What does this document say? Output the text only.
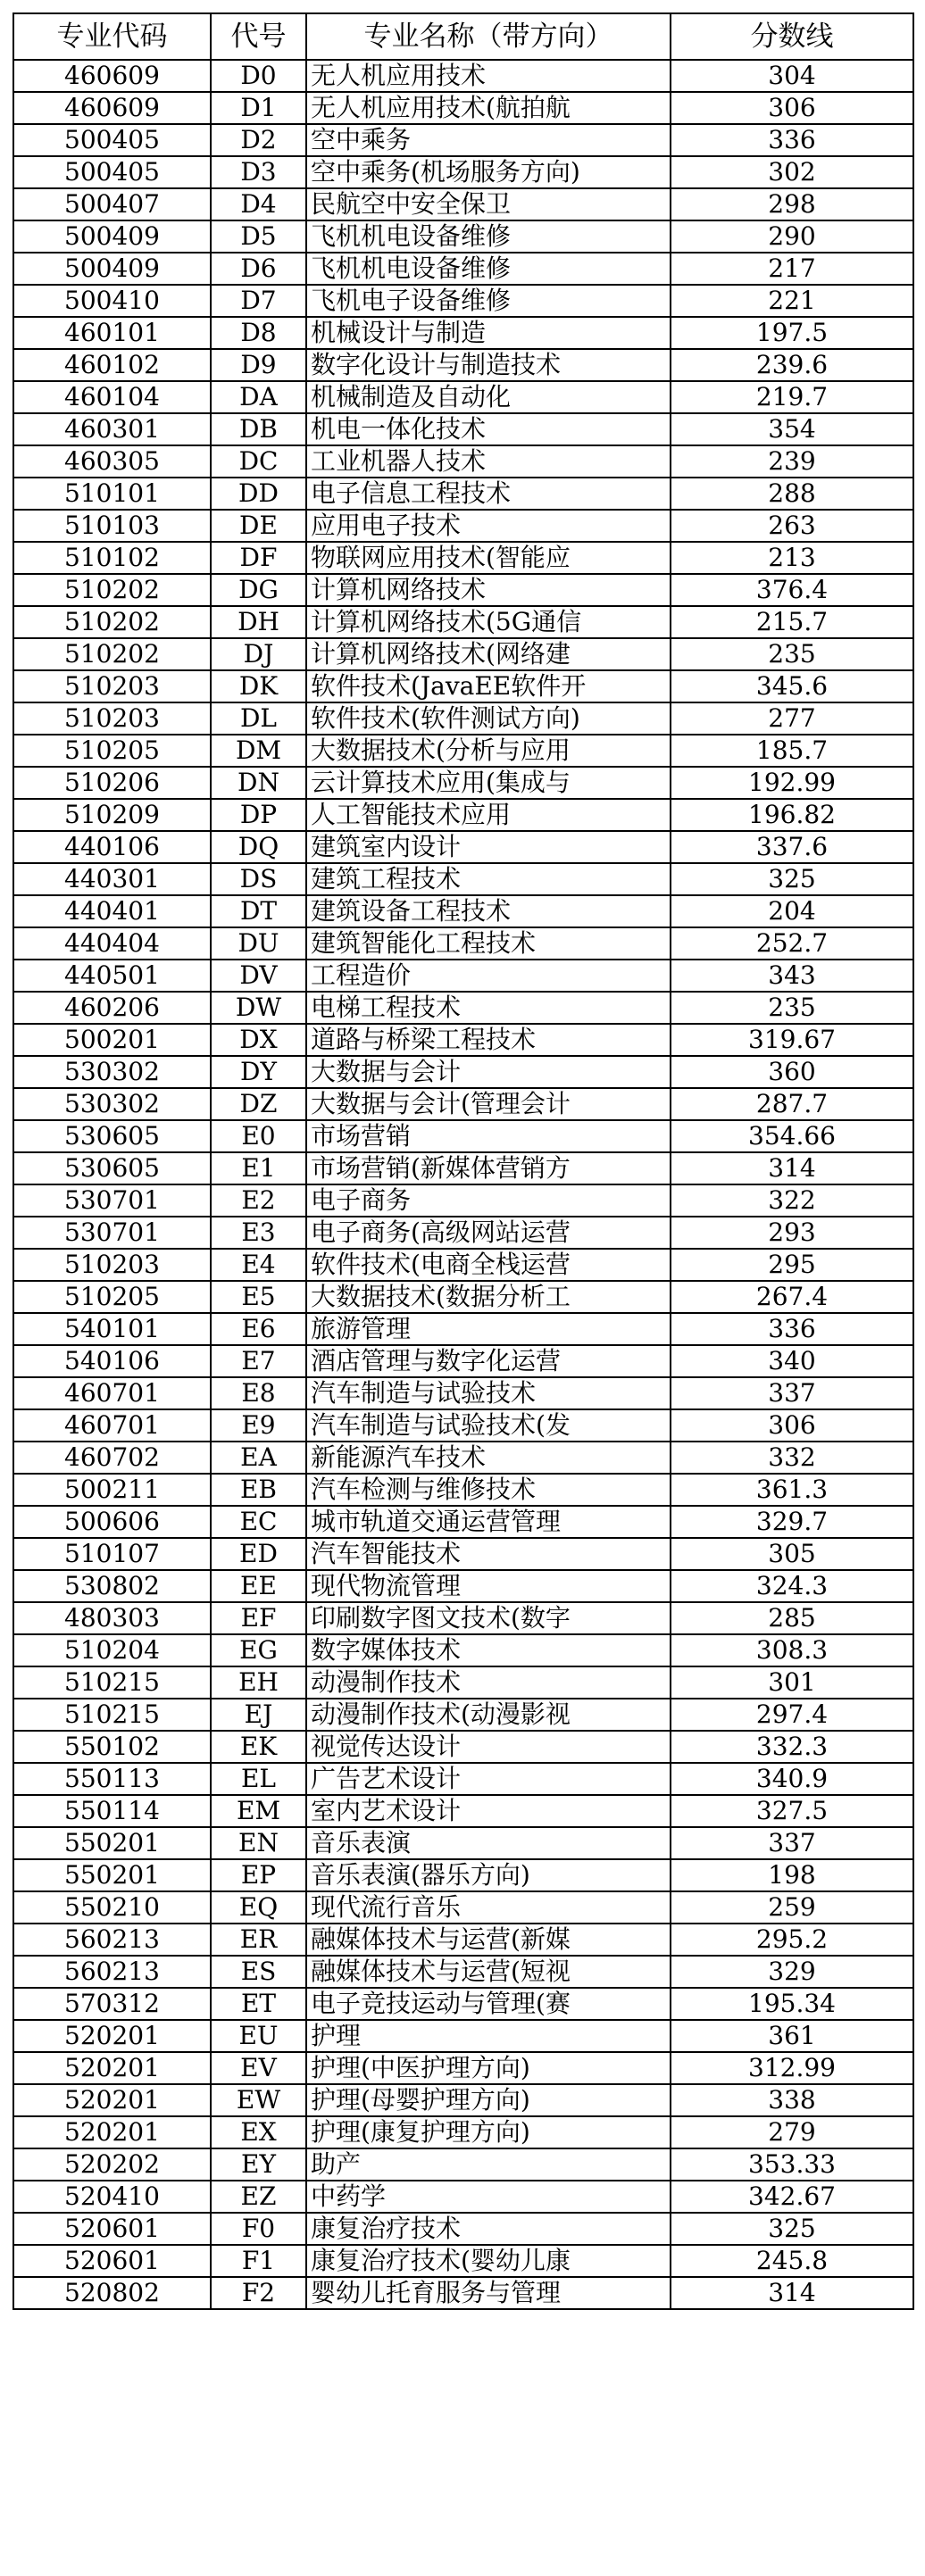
专业代码	代号	专业名称（带方向）	分数线
460609	D0	无人机应用技术	304
460609	D1	无人机应用技术(航拍航	306
500405	D2	空中乘务	336
500405	D3	空中乘务(机场服务方向)	302
500407	D4	民航空中安全保卫	298
500409	D5	飞机机电设备维修	290
500409	D6	飞机机电设备维修	217
500410	D7	飞机电子设备维修	221
460101	D8	机械设计与制造	197.5
460102	D9	数字化设计与制造技术	239.6
460104	DA	机械制造及自动化	219.7
460301	DB	机电一体化技术	354
460305	DC	工业机器人技术	239
510101	DD	电子信息工程技术	288
510103	DE	应用电子技术	263
510102	DF	物联网应用技术(智能应	213
510202	DG	计算机网络技术	376.4
510202	DH	计算机网络技术(5G通信	215.7
510202	DJ	计算机网络技术(网络建	235
510203	DK	软件技术(JavaEE软件开	345.6
510203	DL	软件技术(软件测试方向)	277
510205	DM	大数据技术(分析与应用	185.7
510206	DN	云计算技术应用(集成与	192.99
510209	DP	人工智能技术应用	196.82
440106	DQ	建筑室内设计	337.6
440301	DS	建筑工程技术	325
440401	DT	建筑设备工程技术	204
440404	DU	建筑智能化工程技术	252.7
440501	DV	工程造价	343
460206	DW	电梯工程技术	235
500201	DX	道路与桥梁工程技术	319.67
530302	DY	大数据与会计	360
530302	DZ	大数据与会计(管理会计	287.7
530605	E0	市场营销	354.66
530605	E1	市场营销(新媒体营销方	314
530701	E2	电子商务	322
530701	E3	电子商务(高级网站运营	293
510203	E4	软件技术(电商全栈运营	295
510205	E5	大数据技术(数据分析工	267.4
540101	E6	旅游管理	336
540106	E7	酒店管理与数字化运营	340
460701	E8	汽车制造与试验技术	337
460701	E9	汽车制造与试验技术(发	306
460702	EA	新能源汽车技术	332
500211	EB	汽车检测与维修技术	361.3
500606	EC	城市轨道交通运营管理	329.7
510107	ED	汽车智能技术	305
530802	EE	现代物流管理	324.3
480303	EF	印刷数字图文技术(数字	285
510204	EG	数字媒体技术	308.3
510215	EH	动漫制作技术	301
510215	EJ	动漫制作技术(动漫影视	297.4
550102	EK	视觉传达设计	332.3
550113	EL	广告艺术设计	340.9
550114	EM	室内艺术设计	327.5
550201	EN	音乐表演	337
550201	EP	音乐表演(器乐方向)	198
550210	EQ	现代流行音乐	259
560213	ER	融媒体技术与运营(新媒	295.2
560213	ES	融媒体技术与运营(短视	329
570312	ET	电子竞技运动与管理(赛	195.34
520201	EU	护理	361
520201	EV	护理(中医护理方向)	312.99
520201	EW	护理(母婴护理方向)	338
520201	EX	护理(康复护理方向)	279
520202	EY	助产	353.33
520410	EZ	中药学	342.67
520601	F0	康复治疗技术	325
520601	F1	康复治疗技术(婴幼儿康	245.8
520802	F2	婴幼儿托育服务与管理	314
